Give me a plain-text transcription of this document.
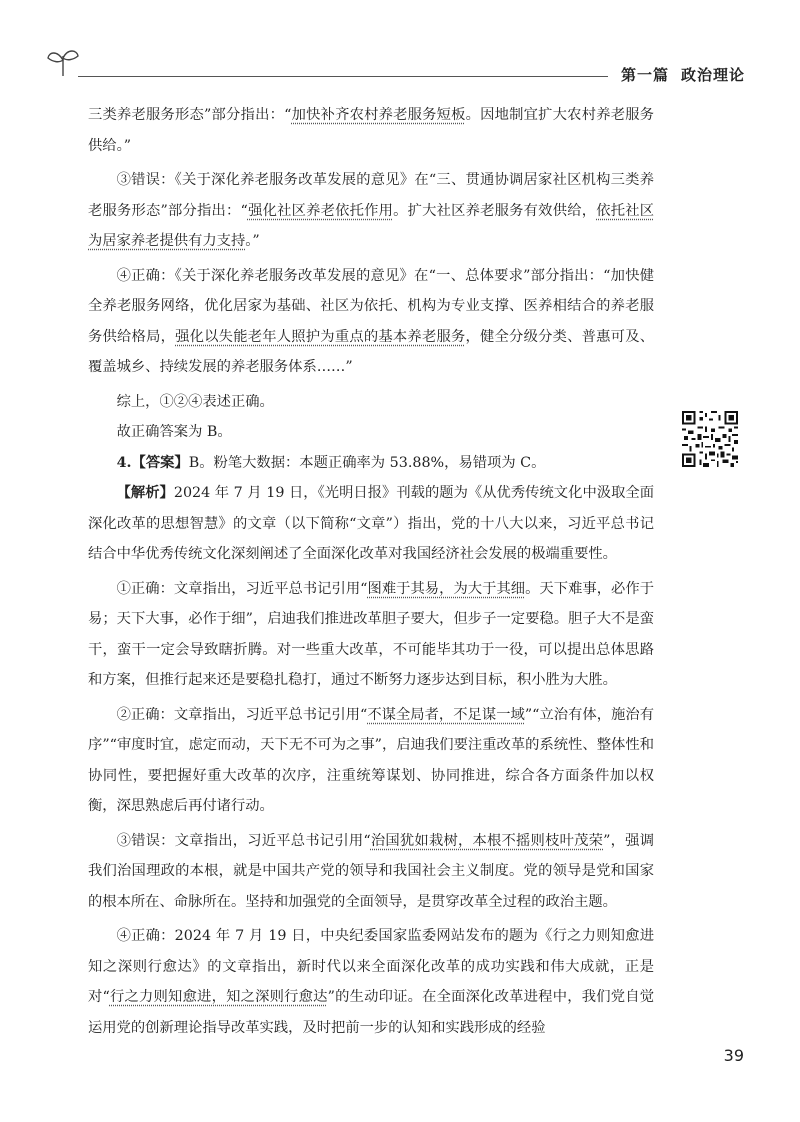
第一篇 政治理论

三类养老服务形态”部分指出：“加快补齐农村养老服务短板。因地制宜扩大农村养老服务供给。”

③错误：《关于深化养老服务改革发展的意见》在“三、贯通协调居家社区机构三类养老服务形态”部分指出：“强化社区养老依托作用。扩大社区养老服务有效供给，依托社区为居家养老提供有力支持。”

④正确：《关于深化养老服务改革发展的意见》在“一、总体要求”部分指出：“加快健全养老服务网络，优化居家为基础、社区为依托、机构为专业支撑、医养相结合的养老服务供给格局，强化以失能老年人照护为重点的基本养老服务，健全分级分类、普惠可及、覆盖城乡、持续发展的养老服务体系……”

综上，①②④表述正确。

故正确答案为 B。

4.【答案】B。粉笔大数据：本题正确率为 53.88%，易错项为 C。

【解析】2024 年 7 月 19 日，《光明日报》刊载的题为《从优秀传统文化中汲取全面深化改革的思想智慧》的文章（以下简称“文章”）指出，党的十八大以来，习近平总书记结合中华优秀传统文化深刻阐述了全面深化改革对我国经济社会发展的极端重要性。

①正确：文章指出，习近平总书记引用“图难于其易，为大于其细。天下难事，必作于易；天下大事，必作于细”，启迪我们推进改革胆子要大，但步子一定要稳。胆子大不是蛮干，蛮干一定会导致瞎折腾。对一些重大改革，不可能毕其功于一役，可以提出总体思路和方案，但推行起来还是要稳扎稳打，通过不断努力逐步达到目标，积小胜为大胜。

②正确：文章指出，习近平总书记引用“不谋全局者，不足谋一域”“立治有体，施治有序”“审度时宜，虑定而动，天下无不可为之事”，启迪我们要注重改革的系统性、整体性和协同性，要把握好重大改革的次序，注重统筹谋划、协同推进，综合各方面条件加以权衡，深思熟虑后再付诸行动。

③错误：文章指出，习近平总书记引用“治国犹如栽树，本根不摇则枝叶茂荣”，强调我们治国理政的本根，就是中国共产党的领导和我国社会主义制度。党的领导是党和国家的根本所在、命脉所在。坚持和加强党的全面领导，是贯穿改革全过程的政治主题。

④正确：2024 年 7 月 19 日，中央纪委国家监委网站发布的题为《行之力则知愈进 知之深则行愈达》的文章指出，新时代以来全面深化改革的成功实践和伟大成就，正是对“行之力则知愈进，知之深则行愈达”的生动印证。在全面深化改革进程中，我们党自觉运用党的创新理论指导改革实践，及时把前一步的认知和实践形成的经验

39
